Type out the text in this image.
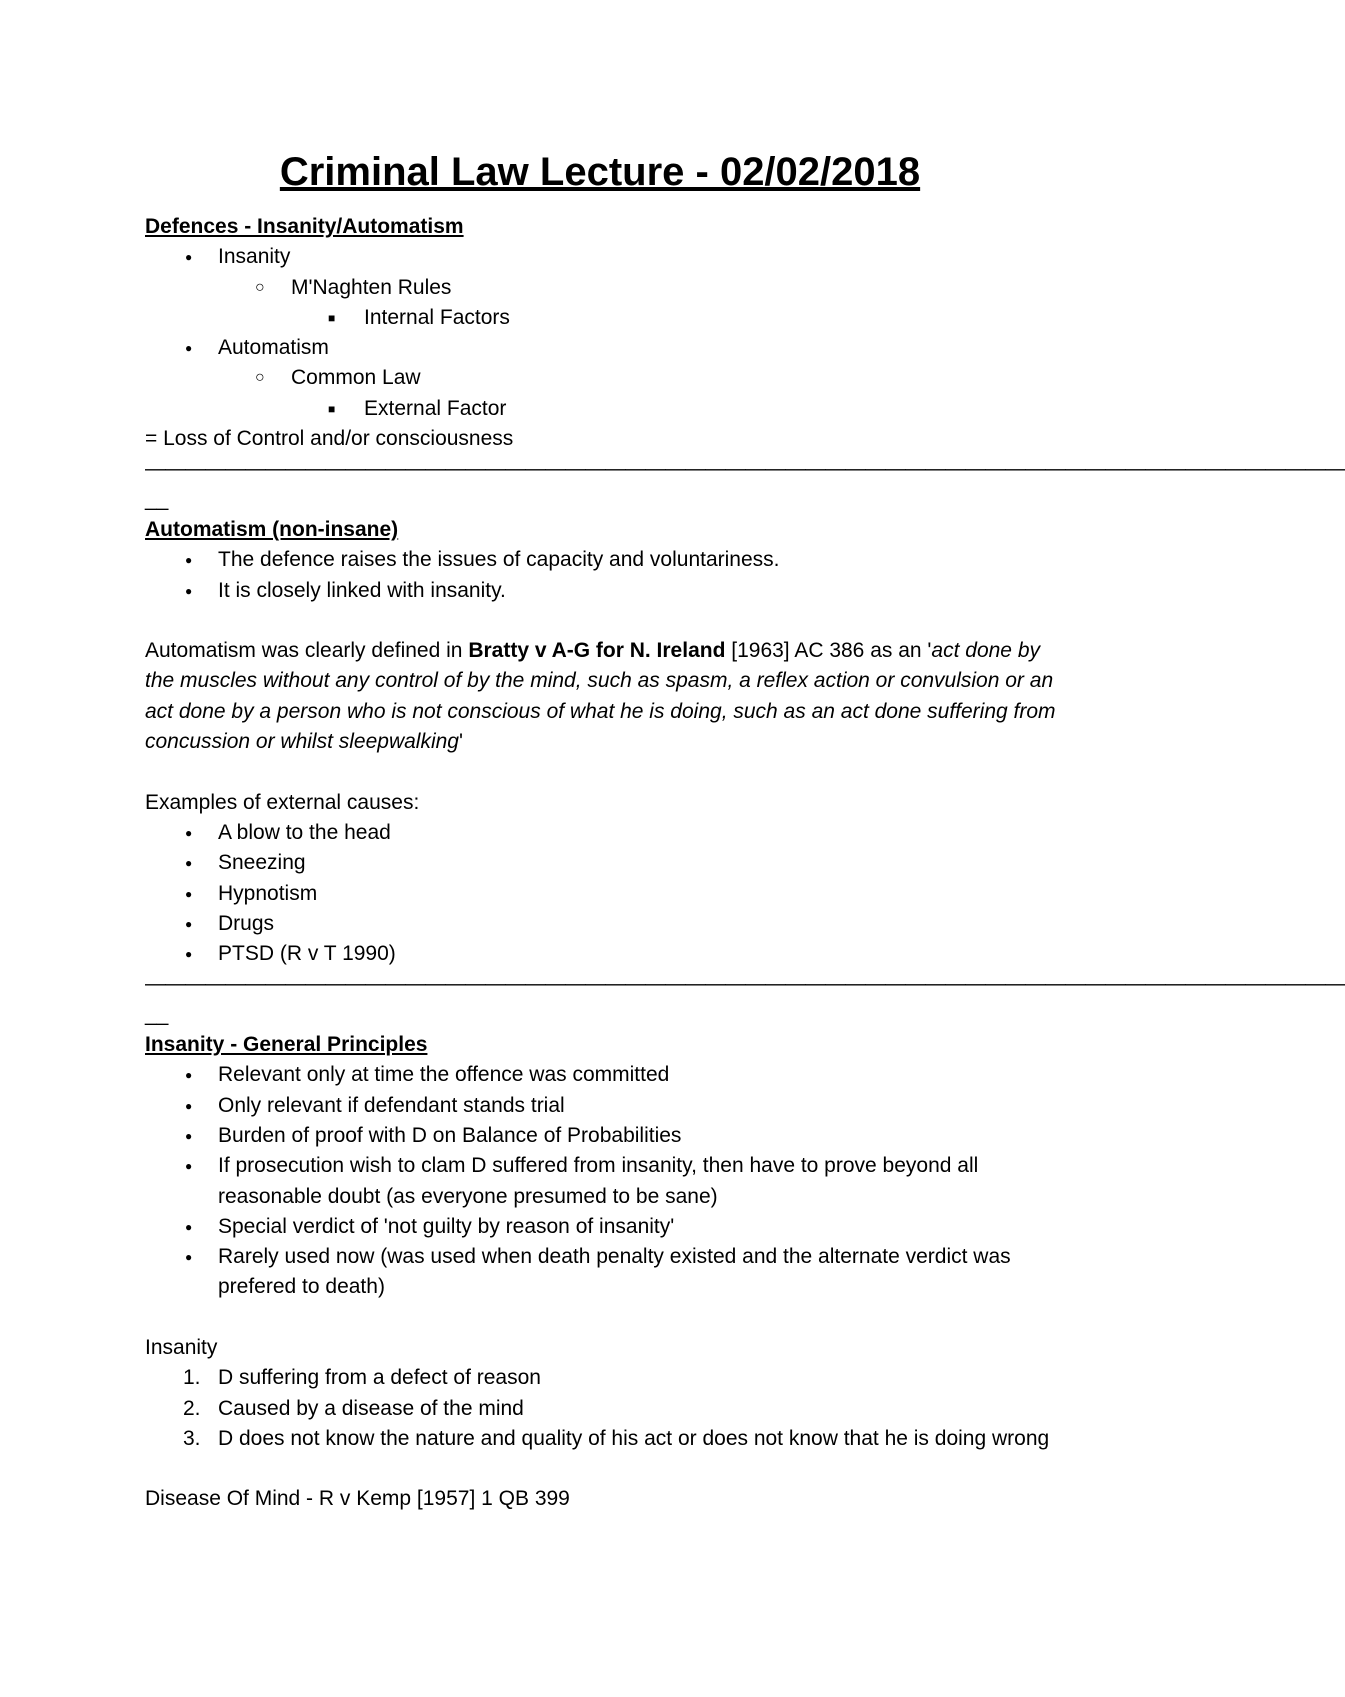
Criminal Law Lecture - 02/02/2018
Defences - Insanity/Automatism
● Insanity
○ M'Naghten Rules
■ Internal Factors
● Automatism
○ Common Law
■ External Factor
= Loss of Control and/or consciousness
————————————————————————————————————————————————————————————
__
Automatism (non-insane)
● The defence raises the issues of capacity and voluntariness.
● It is closely linked with insanity.
Automatism was clearly defined in Bratty v A-G for N. Ireland [1963] AC 386 as an 'act done by the muscles without any control of by the mind, such as spasm, a reflex action or convulsion or an act done by a person who is not conscious of what he is doing, such as an act done suffering from concussion or whilst sleepwalking'
Examples of external causes:
● A blow to the head
● Sneezing
● Hypnotism
● Drugs
● PTSD (R v T 1990)
————————————————————————————————————————————————————————————
__
Insanity - General Principles
● Relevant only at time the offence was committed
● Only relevant if defendant stands trial
● Burden of proof with D on Balance of Probabilities
● If prosecution wish to clam D suffered from insanity, then have to prove beyond all reasonable doubt (as everyone presumed to be sane)
● Special verdict of 'not guilty by reason of insanity'
● Rarely used now (was used when death penalty existed and the alternate verdict was prefered to death)
Insanity
1. D suffering from a defect of reason
2. Caused by a disease of the mind
3. D does not know the nature and quality of his act or does not know that he is doing wrong
Disease Of Mind - R v Kemp [1957] 1 QB 399
